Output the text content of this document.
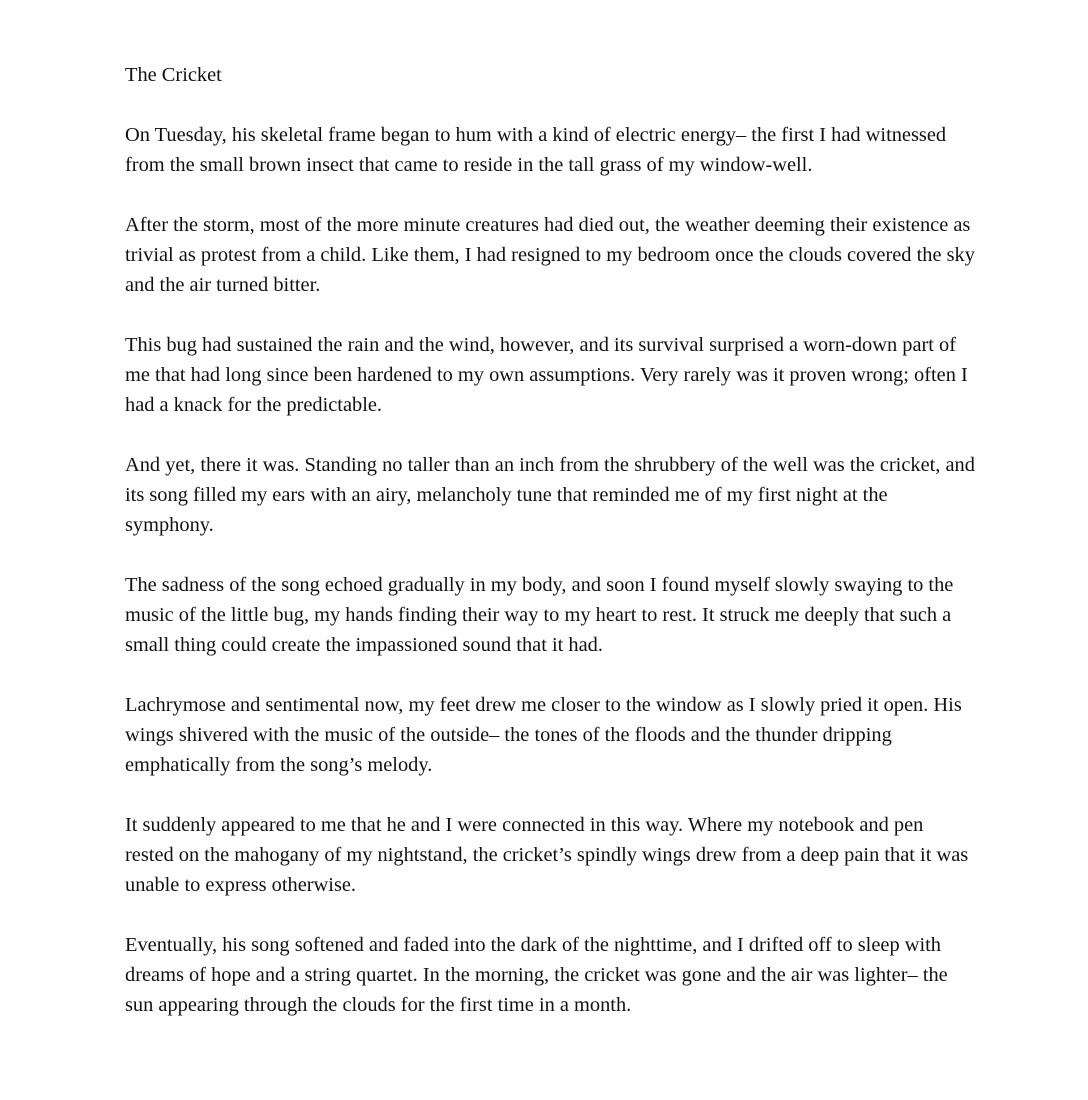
The Cricket

On Tuesday, his skeletal frame began to hum with a kind of electric energy– the first I had witnessed from the small brown insect that came to reside in the tall grass of my window-well.

After the storm, most of the more minute creatures had died out, the weather deeming their existence as trivial as protest from a child. Like them, I had resigned to my bedroom once the clouds covered the sky and the air turned bitter.

This bug had sustained the rain and the wind, however, and its survival surprised a worn-down part of me that had long since been hardened to my own assumptions. Very rarely was it proven wrong; often I had a knack for the predictable.

And yet, there it was. Standing no taller than an inch from the shrubbery of the well was the cricket, and its song filled my ears with an airy, melancholy tune that reminded me of my first night at the symphony.

The sadness of the song echoed gradually in my body, and soon I found myself slowly swaying to the music of the little bug, my hands finding their way to my heart to rest. It struck me deeply that such a small thing could create the impassioned sound that it had.

Lachrymose and sentimental now, my feet drew me closer to the window as I slowly pried it open. His wings shivered with the music of the outside– the tones of the floods and the thunder dripping emphatically from the song’s melody.

It suddenly appeared to me that he and I were connected in this way. Where my notebook and pen rested on the mahogany of my nightstand, the cricket’s spindly wings drew from a deep pain that it was unable to express otherwise.

Eventually, his song softened and faded into the dark of the nighttime, and I drifted off to sleep with dreams of hope and a string quartet. In the morning, the cricket was gone and the air was lighter– the sun appearing through the clouds for the first time in a month.
